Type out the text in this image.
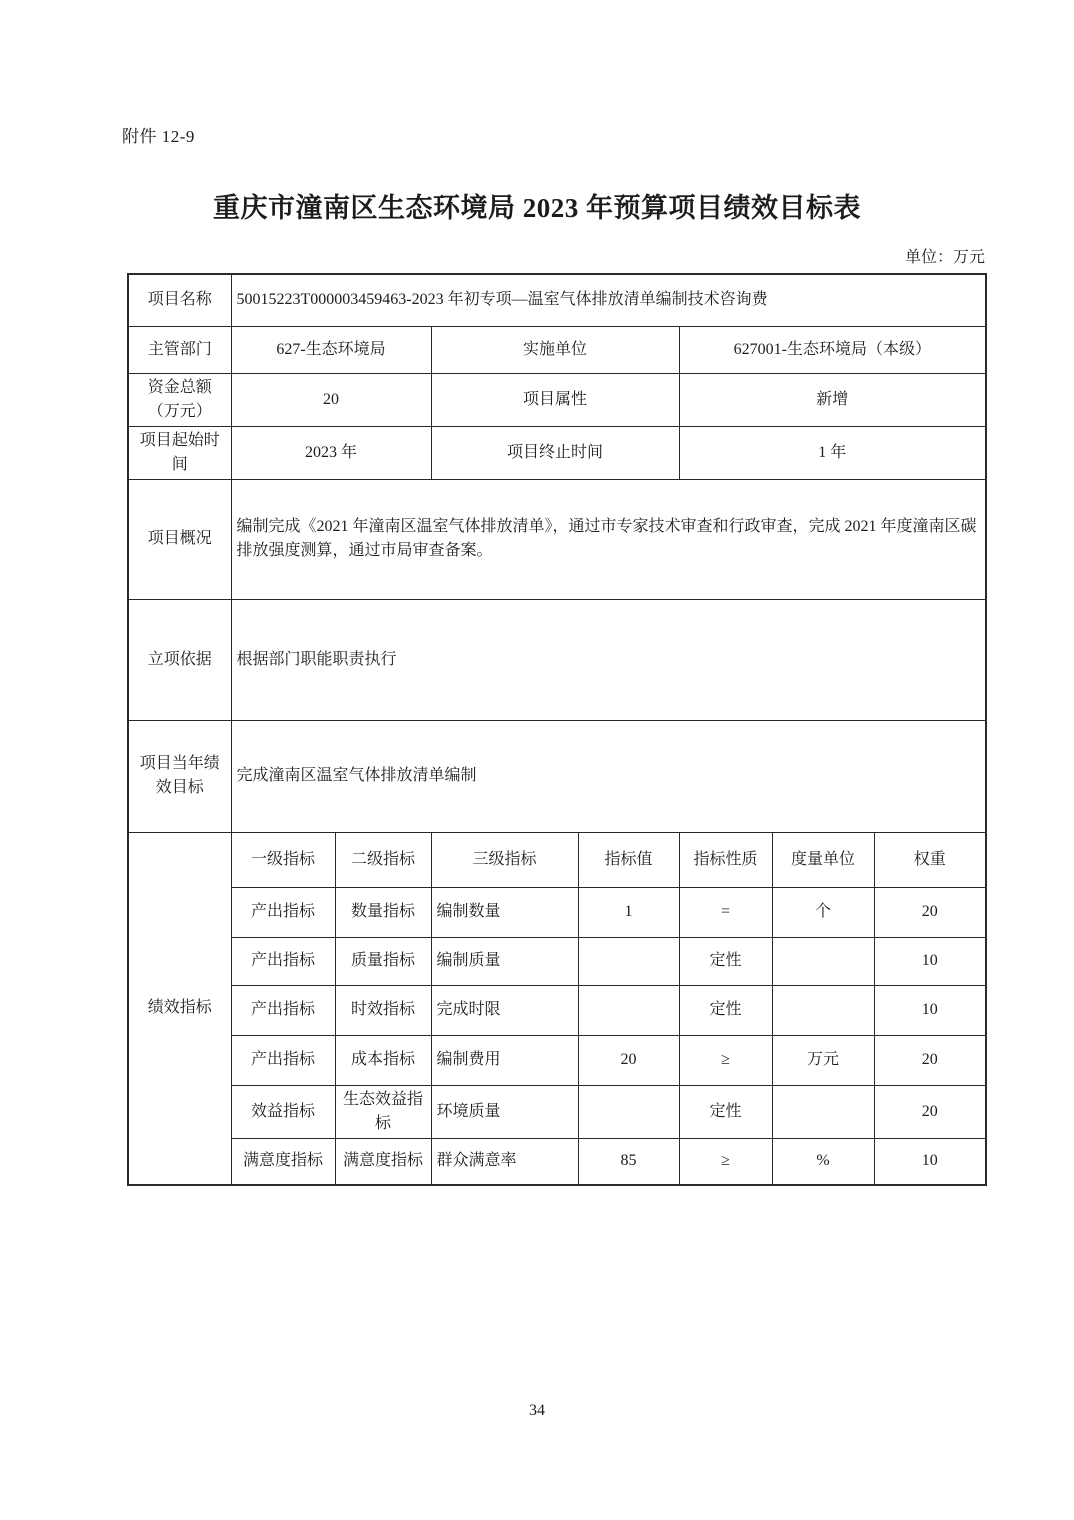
附件 12-9
重庆市潼南区生态环境局 2023 年预算项目绩效目标表
单位：万元
项目名称	50015223T000003459463-2023 年初专项—温室气体排放清单编制技术咨询费						
主管部门	627-生态环境局		实施单位		627001-生态环境局（本级）		
资金总额（万元）	20		项目属性		新增		
项目起始时间	2023 年		项目终止时间		1 年		
项目概况	编制完成《2021 年潼南区温室气体排放清单》，通过市专家技术审查和行政审查，完成 2021 年度潼南区碳排放强度测算，通过市局审查备案。						
立项依据	根据部门职能职责执行						
项目当年绩效目标	完成潼南区温室气体排放清单编制						
绩效指标	一级指标	二级指标	三级指标	指标值	指标性质	度量单位	权重
	产出指标	数量指标	编制数量	1	=	个	20
	产出指标	质量指标	编制质量		定性		10
	产出指标	时效指标	完成时限		定性		10
	产出指标	成本指标	编制费用	20	≥	万元	20
	效益指标	生态效益指标	环境质量		定性		20
	满意度指标	满意度指标	群众满意率	85	≥	%	10
34
